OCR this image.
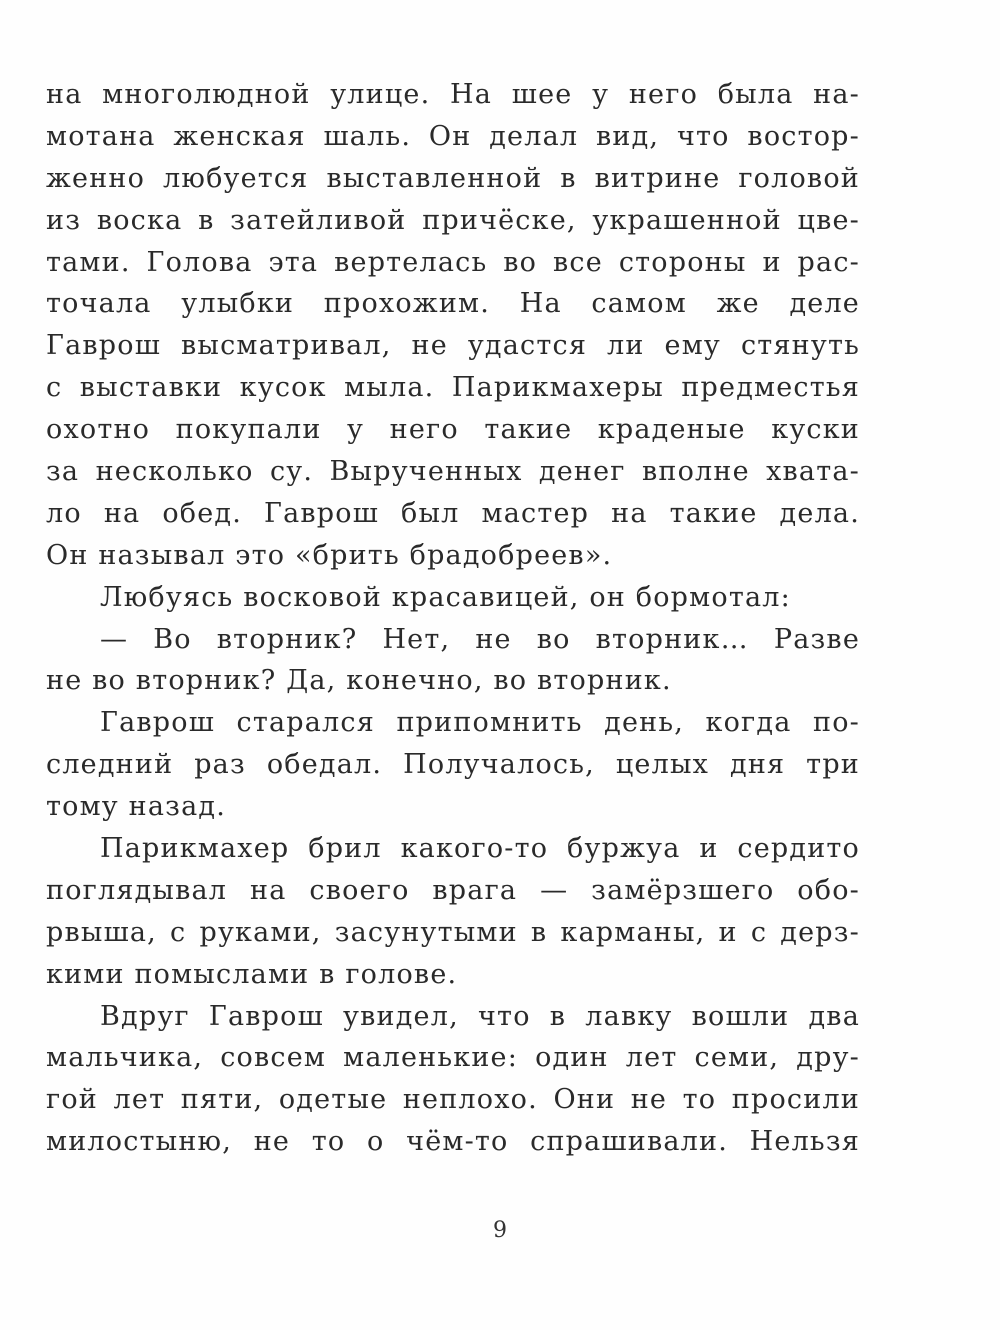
на многолюдной улице. На шее у него была на-
мотана женская шаль. Он делал вид, что востор-
женно любуется выставленной в витрине головой
из воска в затейливой причёске, украшенной цве-
тами. Голова эта вертелась во все стороны и рас-
точала улыбки прохожим. На самом же деле
Гаврош высматривал, не удастся ли ему стянуть
с выставки кусок мыла. Парикмахеры предместья
охотно покупали у него такие краденые куски
за несколько су. Вырученных денег вполне хвата-
ло на обед. Гаврош был мастер на такие дела.
Он называл это «брить брадобреев».
Любуясь восковой красавицей, он бормотал:
— Во вторник? Нет, не во вторник… Разве
не во вторник? Да, конечно, во вторник.
Гаврош старался припомнить день, когда по-
следний раз обедал. Получалось, целых дня три
тому назад.
Парикмахер брил какого-то буржуа и сердито
поглядывал на своего врага — замёрзшего обо-
рвыша, с руками, засунутыми в карманы, и с дерз-
кими помыслами в голове.
Вдруг Гаврош увидел, что в лавку вошли два
мальчика, совсем маленькие: один лет семи, дру-
гой лет пяти, одетые неплохо. Они не то просили
милостыню, не то о чём-то спрашивали. Нельзя
9
